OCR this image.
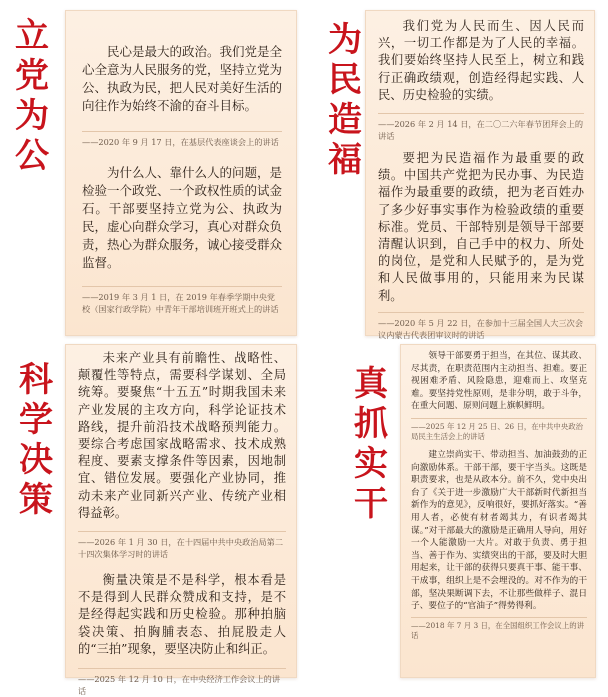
立党为公
为民造福
科学决策
真抓实干

民心是最大的政治。我们党是全心全意为人民服务的党，坚持立党为公、执政为民，把人民对美好生活的向往作为始终不渝的奋斗目标。

——2020 年 9 月 17 日，在基层代表座谈会上的讲话

为什么人、靠什么人的问题，是检验一个政党、一个政权性质的试金石。干部要坚持立党为公、执政为民，虚心向群众学习，真心对群众负责，热心为群众服务，诚心接受群众监督。

——2019 年 3 月 1 日，在 2019 年春季学期中央党校（国家行政学院）中青年干部培训班开班式上的讲话

我们党为人民而生、因人民而兴，一切工作都是为了人民的幸福。我们要始终坚持人民至上，树立和践行正确政绩观，创造经得起实践、人民、历史检验的实绩。

——2026 年 2 月 14 日，在二〇二六年春节团拜会上的讲话

要把为民造福作为最重要的政绩。中国共产党把为民办事、为民造福作为最重要的政绩，把为老百姓办了多少好事实事作为检验政绩的重要标准。党员、干部特别是领导干部要清醒认识到，自己手中的权力、所处的岗位，是党和人民赋予的，是为党和人民做事用的，只能用来为民谋利。

——2020 年 5 月 22 日，在参加十三届全国人大三次会议内蒙古代表团审议时的讲话

未来产业具有前瞻性、战略性、颠覆性等特点，需要科学谋划、全局统筹。要聚焦“十五五”时期我国未来产业发展的主攻方向，科学论证技术路线，提升前沿技术战略预判能力。要综合考虑国家战略需求、技术成熟程度、要素支撑条件等因素，因地制宜、错位发展。要强化产业协同，推动未来产业同新兴产业、传统产业相得益彰。

——2026 年 1 月 30 日，在十四届中共中央政治局第二十四次集体学习时的讲话

衡量决策是不是科学，根本看是不是得到人民群众赞成和支持，是不是经得起实践和历史检验。那种拍脑袋决策、拍胸脯表态、拍屁股走人的“三拍”现象，要坚决防止和纠正。

——2025 年 12 月 10 日，在中央经济工作会议上的讲话

领导干部要勇于担当，在其位、谋其政、尽其责，在职责范围内主动担当、担难。要正视困难矛盾、风险隐患，迎难而上、攻坚克难。要坚持党性原则，是非分明，敢于斗争，在重大问题、原则问题上旗帜鲜明。

——2025 年 12 月 25 日、26 日，在中共中央政治局民主生活会上的讲话

建立崇尚实干、带动担当、加油鼓劲的正向激励体系。干部干部，要干字当头。这既是职责要求，也是从政本分。前不久，党中央出台了《关于进一步激励广大干部新时代新担当新作为的意见》，反响很好，要抓好落实。“善用人者，必使有材者竭其力，有识者竭其谋。”对干部最大的激励是正确用人导向，用好一个人能激励一大片。对敢于负责、勇于担当、善于作为、实绩突出的干部，要及时大胆用起来，让干部的获得只要真干事、能干事、干成事，组织上是不会埋没的。对不作为的干部，坚决果断调下去，不让那些做样子、混日子、要位子的“官油子”得势得利。

——2018 年 7 月 3 日，在全国组织工作会议上的讲话
